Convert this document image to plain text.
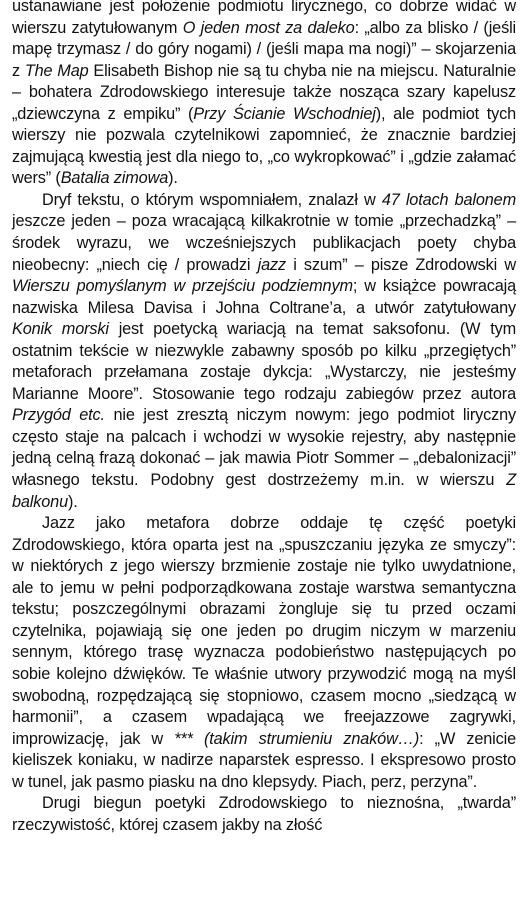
ustanawiane jest położenie podmiotu lirycznego, co dobrze widać w wierszu zatytułowanym O jeden most za daleko: „albo za blisko / (jeśli mapę trzymasz / do góry nogami) / (jeśli mapa ma nogi)” – skojarzenia z The Map Elisabeth Bishop nie są tu chyba nie na miejscu. Naturalnie – bohatera Zdrodowskiego interesuje także nosząca szary kapelusz „dziewczyna z empiku” (Przy Ścianie Wschodniej), ale podmiot tych wierszy nie pozwala czytelnikowi zapomnieć, że znacznie bardziej zajmującą kwestią jest dla niego to, „co wykropkować” i „gdzie załamać wers” (Batalia zimowa).

Dryf tekstu, o którym wspomniałem, znalazł w 47 lotach balonem jeszcze jeden – poza wracającą kilkakrotnie w tomie „przechadzką” – środek wyrazu, we wcześniejszych publikacjach poety chyba nieobecny: „niech cię / prowadzi jazz i szum” – pisze Zdrodowski w Wierszu pomyślanym w przejściu podziemnym; w książce powracają nazwiska Milesa Davisa i Johna Coltrane’a, a utwór zatytułowany Konik morski jest poetycką wariacją na temat saksofonu. (W tym ostatnim tekście w niezwykle zabawny sposób po kilku „przegiętych” metaforach przełamana zostaje dykcja: „Wystarczy, nie jesteśmy Marianne Moore”. Stosowanie tego rodzaju zabiegów przez autora Przygód etc. nie jest zresztą niczym nowym: jego podmiot liryczny często staje na palcach i wchodzi w wysokie rejestry, aby następnie jedną celną frazą dokonać – jak mawia Piotr Sommer – „debalonizacji” własnego tekstu. Podobny gest dostrzeżemy m.in. w wierszu Z balkonu).

Jazz jako metafora dobrze oddaje tę część poetyki Zdrodowskiego, która oparta jest na „spuszczaniu języka ze smyczy”: w niektórych z jego wierszy brzmienie zostaje nie tylko uwydatnione, ale to jemu w pełni podporządkowana zostaje warstwa semantyczna tekstu; poszczególnymi obrazami żongluje się tu przed oczami czytelnika, pojawiają się one jeden po drugim niczym w marzeniu sennym, którego trasę wyznacza podobieństwo następujących po sobie kolejno dźwięków. Te właśnie utwory przywodzić mogą na myśl swobodną, rozpędzającą się stopniowo, czasem mocno „siedzącą w harmonii”, a czasem wpadającą we freejazzowe zagrywki, improwizację, jak w *** (takim strumieniu znaków…): „W zenicie kieliszek koniaku, w nadirze naparstek espresso. I ekspresowo prosto w tunel, jak pasmo piasku na dno klepsydy. Piach, perz, perzyna”.

Drugi biegun poetyki Zdrodowskiego to nieznośna, „twarda” rzeczywistość, której czasem jakby na złość
